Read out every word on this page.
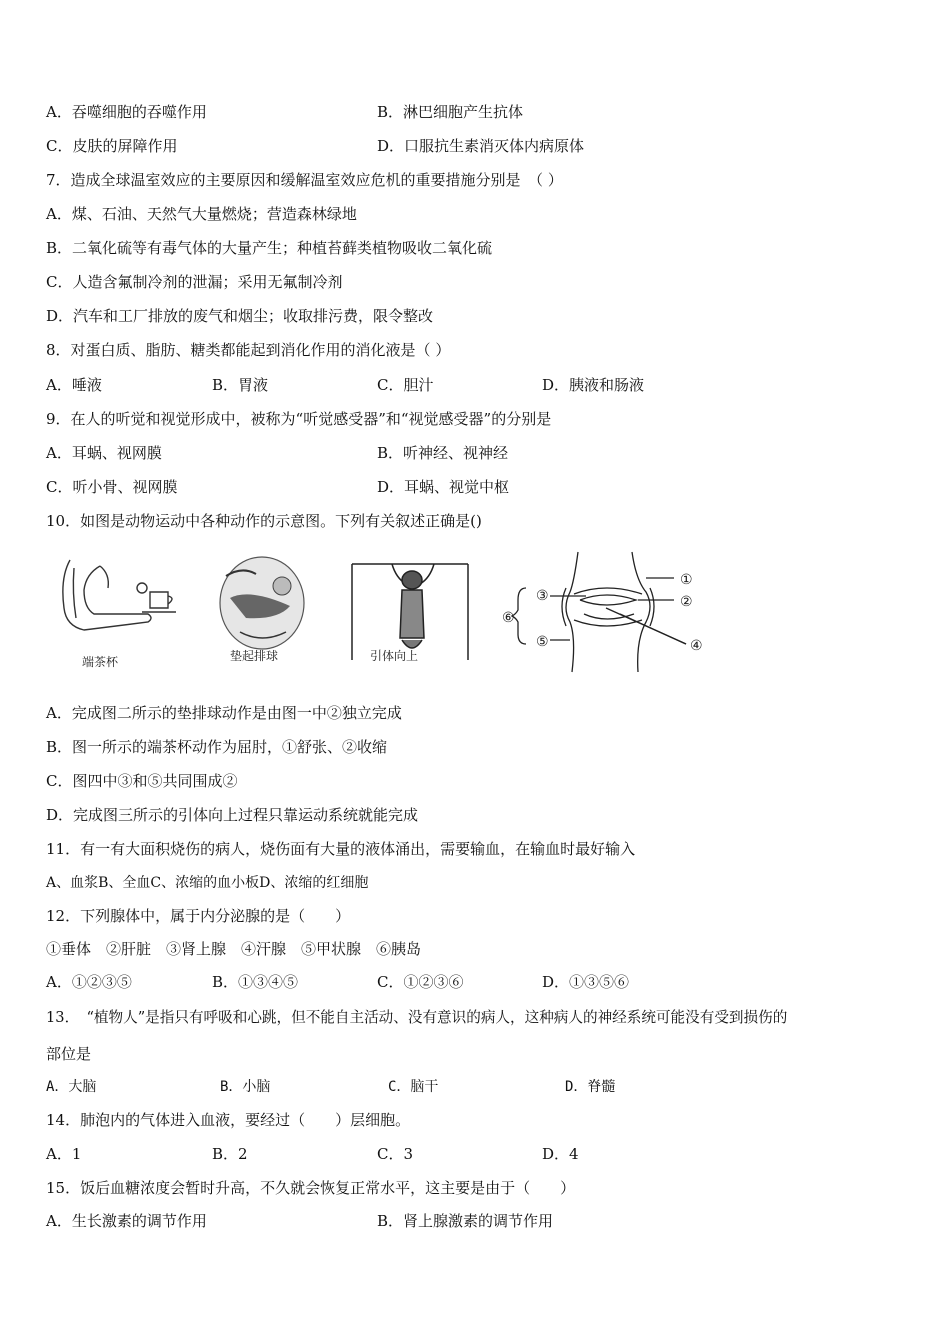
A．吞噬细胞的吞噬作用	B．淋巴细胞产生抗体
C．皮肤的屏障作用	D．口服抗生素消灭体内病原体
7．造成全球温室效应的主要原因和缓解温室效应危机的重要措施分别是　（ ）
A．煤、石油、天然气大量燃烧；营造森林绿地
B．二氧化硫等有毒气体的大量产生；种植苔藓类植物吸收二氧化硫
C．人造含氟制冷剂的泄漏；采用无氟制冷剂
D．汽车和工厂排放的废气和烟尘；收取排污费，限令整改
8．对蛋白质、脂肪、糖类都能起到消化作用的消化液是（ ）
A．唾液	B．胃液	C．胆汁	D．胰液和肠液
9．在人的听觉和视觉形成中，被称为“听觉感受器”和“视觉感受器”的分别是
A．耳蜗、视网膜	B．听神经、视神经
C．听小骨、视网膜	D．耳蜗、视觉中枢
10．如图是动物运动中各种动作的示意图。下列有关叙述正确是()
端茶杯	垫起排球	引体向上
①
②
③
④
⑤
⑥
A．完成图二所示的垫排球动作是由图一中②独立完成
B．图一所示的端茶杯动作为屈肘，①舒张、②收缩
C．图四中③和⑤共同围成②
D．完成图三所示的引体向上过程只靠运动系统就能完成
11．有一有大面积烧伤的病人，烧伤面有大量的液体涌出，需要输血，在输血时最好输入
A、血浆B、全血C、浓缩的血小板D、浓缩的红细胞
12．下列腺体中，属于内分泌腺的是（　　）
①垂体　②肝脏　③肾上腺　④汗腺　⑤甲状腺　⑥胰岛
A．①②③⑤	B．①③④⑤	C．①②③⑥	D．①③⑤⑥
13．　“植物人”是指只有呼吸和心跳，但不能自主活动、没有意识的病人，这种病人的神经系统可能没有受到损伤的
部位是
A．大脑	B．小脑	C．脑干	D．脊髓
14．肺泡内的气体进入血液，要经过（　　）层细胞。
A．1	B．2	C．3	D．4
15．饭后血糖浓度会暂时升高，不久就会恢复正常水平，这主要是由于（　　）
A．生长激素的调节作用	B．肾上腺激素的调节作用
